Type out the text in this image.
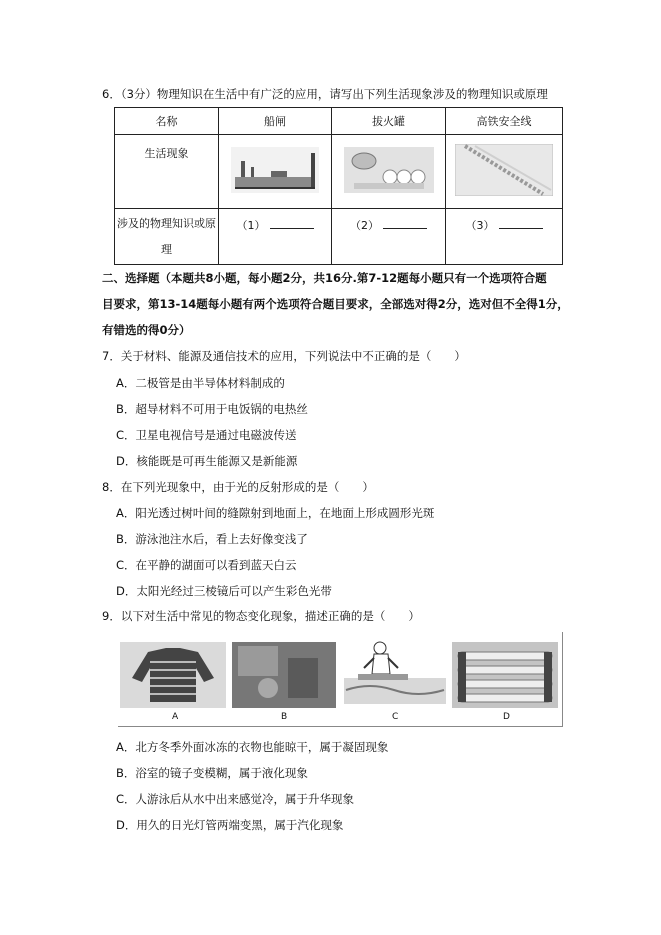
6．（3分）物理知识在生活中有广泛的应用，请写出下列生活现象涉及的物理知识或原理
名称	船闸	拔火罐	高铁安全线
生活现象			
涉及的物理知识或原理	（1）	（2）	（3）
二、选择题（本题共8小题，每小题2分，共16分.第7-12题每小题只有一个选项符合题
目要求，第13-14题每小题有两个选项符合题目要求，全部选对得2分，选对但不全得1分，
有错选的得0分）
7．关于材料、能源及通信技术的应用，下列说法中不正确的是（　　）
A．二极管是由半导体材料制成的
B．超导材料不可用于电饭锅的电热丝
C．卫星电视信号是通过电磁波传送
D．核能既是可再生能源又是新能源
8．在下列光现象中，由于光的反射形成的是（　　）
A．阳光透过树叶间的缝隙射到地面上，在地面上形成圆形光斑
B．游泳池注水后，看上去好像变浅了
C．在平静的湖面可以看到蓝天白云
D．太阳光经过三棱镜后可以产生彩色光带
9．以下对生活中常见的物态变化现象，描述正确的是（　　）
A	B	C	D
A．北方冬季外面冰冻的衣物也能晾干，属于凝固现象
B．浴室的镜子变模糊，属于液化现象
C．人游泳后从水中出来感觉冷，属于升华现象
D．用久的日光灯管两端变黑，属于汽化现象
